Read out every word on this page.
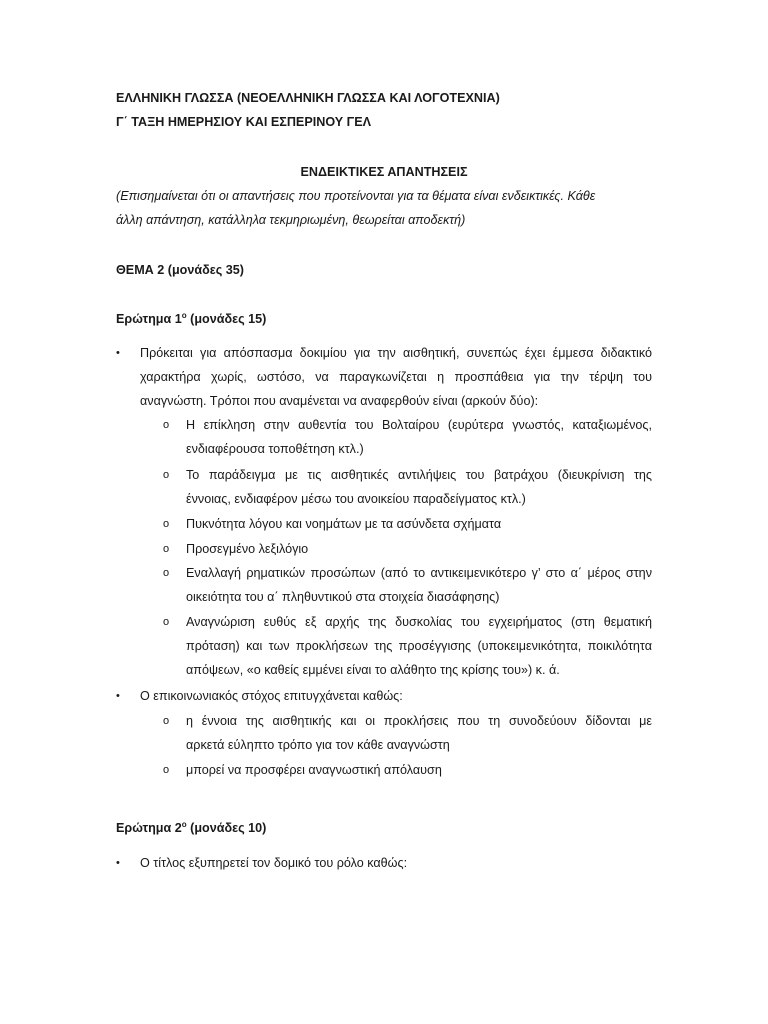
ΕΛΛΗΝΙΚΗ ΓΛΩΣΣΑ (ΝΕΟΕΛΛΗΝΙΚΗ ΓΛΩΣΣΑ ΚΑΙ ΛΟΓΟΤΕΧΝΙΑ)
Γ΄ ΤΑΞΗ ΗΜΕΡΗΣΙΟΥ ΚΑΙ ΕΣΠΕΡΙΝΟΥ ΓΕΛ
ΕΝΔΕΙΚΤΙΚΕΣ ΑΠΑΝΤΗΣΕΙΣ
(Επισημαίνεται ότι οι απαντήσεις που προτείνονται για τα θέματα είναι ενδεικτικές. Κάθε
άλλη απάντηση, κατάλληλα τεκμηριωμένη, θεωρείται αποδεκτή)
ΘΕΜΑ 2 (μονάδες 35)
Ερώτημα $1^o$ (μονάδες 15)
• Πρόκειται για απόσπασμα δοκιμίου για την αισθητική, συνεπώς έχει έμμεσα διδακτικό
χαρακτήρα χωρίς, ωστόσο, να παραγκωνίζεται η προσπάθεια για την τέρψη του
αναγνώστη. Τρόποι που αναμένεται να αναφερθούν είναι (αρκούν δύο):
o Η επίκληση στην αυθεντία του Βολταίρου (ευρύτερα γνωστός, καταξιωμένος,
ενδιαφέρουσα τοποθέτηση κτλ.)
o Το παράδειγμα με τις αισθητικές αντιλήψεις του βατράχου (διευκρίνιση της
έννοιας, ενδιαφέρον μέσω του ανοικείου παραδείγματος κτλ.)
o Πυκνότητα λόγου και νοημάτων με τα ασύνδετα σχήματα
o Προσεγμένο λεξιλόγιο
o Εναλλαγή ρηματικών προσώπων (από το αντικειμενικότερο γ’ στο α΄ μέρος στην
οικειότητα του α΄ πληθυντικού στα στοιχεία διασάφησης)
o Αναγνώριση ευθύς εξ αρχής της δυσκολίας του εγχειρήματος (στη θεματική
πρόταση) και των προκλήσεων της προσέγγισης (υποκειμενικότητα, ποικιλότητα
απόψεων, «ο καθείς εμμένει είναι το αλάθητο της κρίσης του») κ. ά.
• Ο επικοινωνιακός στόχος επιτυγχάνεται καθώς:
o η έννοια της αισθητικής και οι προκλήσεις που τη συνοδεύουν δίδονται με
αρκετά εύληπτο τρόπο για τον κάθε αναγνώστη
o μπορεί να προσφέρει αναγνωστική απόλαυση
Ερώτημα $2^o$ (μονάδες 10)
• Ο τίτλος εξυπηρετεί τον δομικό του ρόλο καθώς:
